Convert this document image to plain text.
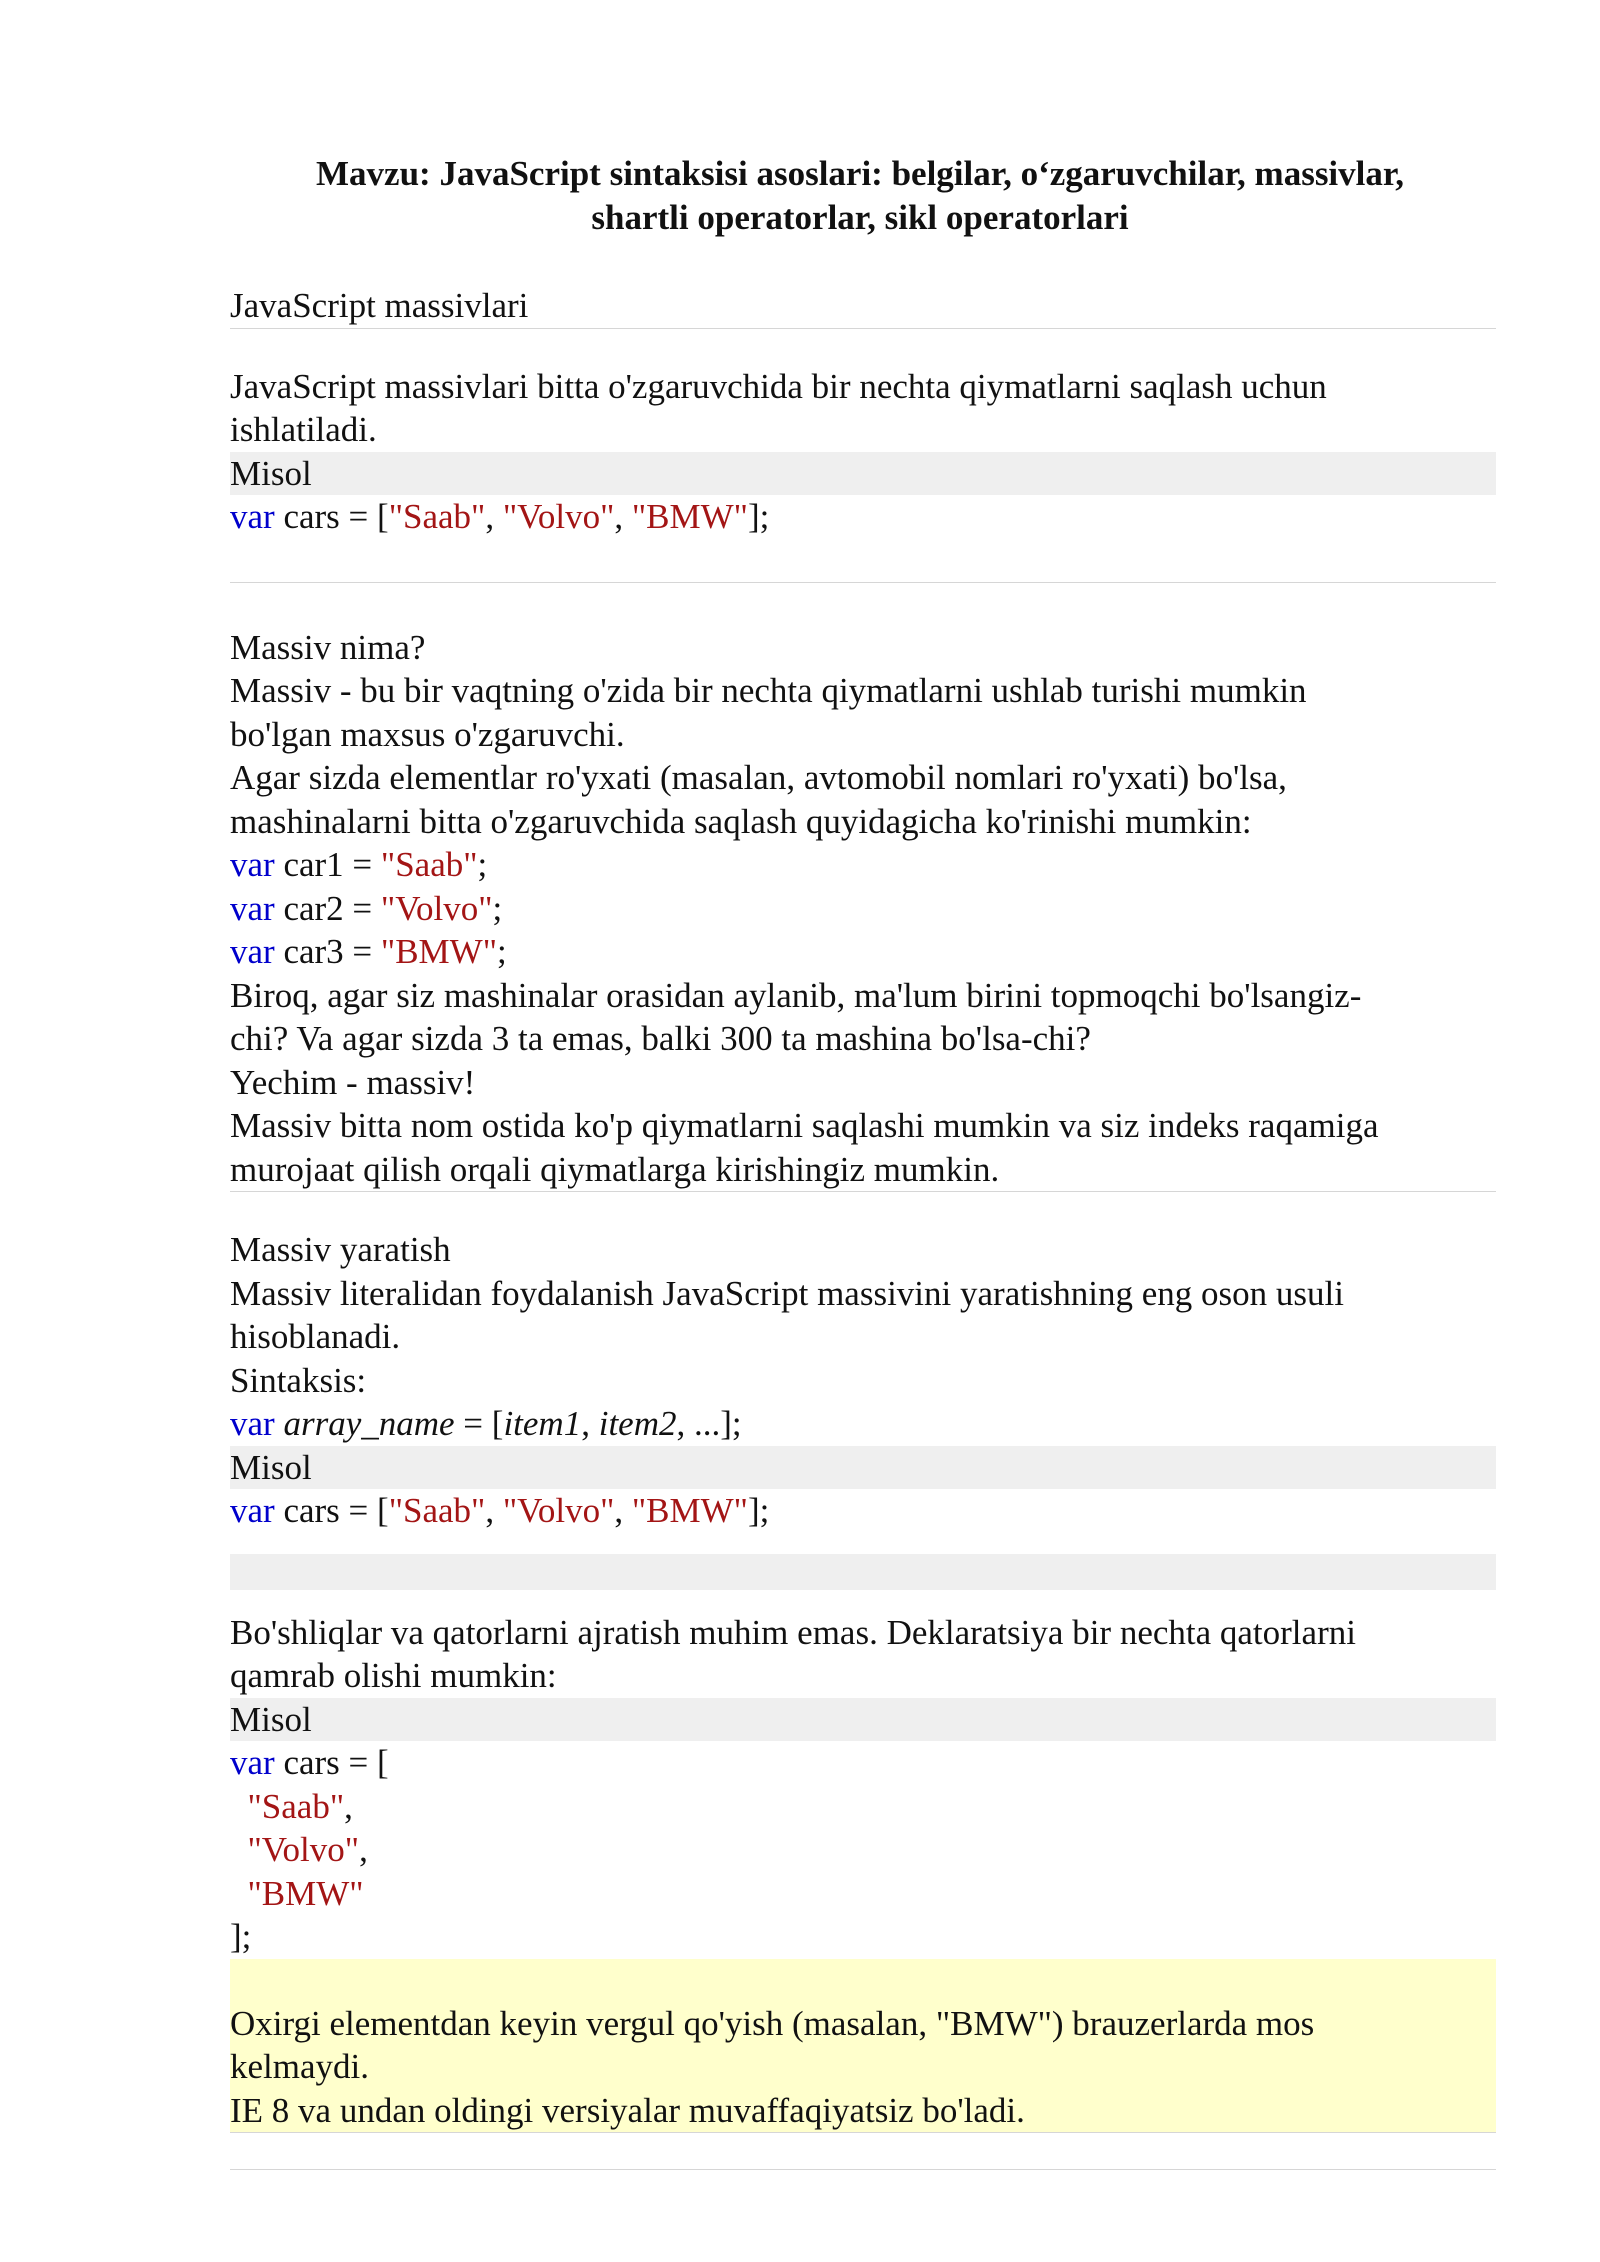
Mavzu: JavaScript sintaksisi asoslari: belgilar, o‘zgaruvchilar, massivlar,
shartli operatorlar, sikl operatorlari
JavaScript massivlari
JavaScript massivlari bitta o'zgaruvchida bir nechta qiymatlarni saqlash uchun
ishlatiladi.
Misol
var cars = ["Saab", "Volvo", "BMW"];
Massiv nima?
Massiv - bu bir vaqtning o'zida bir nechta qiymatlarni ushlab turishi mumkin
bo'lgan maxsus o'zgaruvchi.
Agar sizda elementlar ro'yxati (masalan, avtomobil nomlari ro'yxati) bo'lsa,
mashinalarni bitta o'zgaruvchida saqlash quyidagicha ko'rinishi mumkin:
var car1 = "Saab";
var car2 = "Volvo";
var car3 = "BMW";
Biroq, agar siz mashinalar orasidan aylanib, ma'lum birini topmoqchi bo'lsangiz-
chi? Va agar sizda 3 ta emas, balki 300 ta mashina bo'lsa-chi?
Yechim - massiv!
Massiv bitta nom ostida ko'p qiymatlarni saqlashi mumkin va siz indeks raqamiga
murojaat qilish orqali qiymatlarga kirishingiz mumkin.
Massiv yaratish
Massiv literalidan foydalanish JavaScript massivini yaratishning eng oson usuli
hisoblanadi.
Sintaksis:
var array_name = [item1, item2, ...];
Misol
var cars = ["Saab", "Volvo", "BMW"];
Bo'shliqlar va qatorlarni ajratish muhim emas. Deklaratsiya bir nechta qatorlarni
qamrab olishi mumkin:
Misol
var cars = [
"Saab",
"Volvo",
"BMW"
];
Oxirgi elementdan keyin vergul qo'yish (masalan, "BMW") brauzerlarda mos
kelmaydi.
IE 8 va undan oldingi versiyalar muvaffaqiyatsiz bo'ladi.
